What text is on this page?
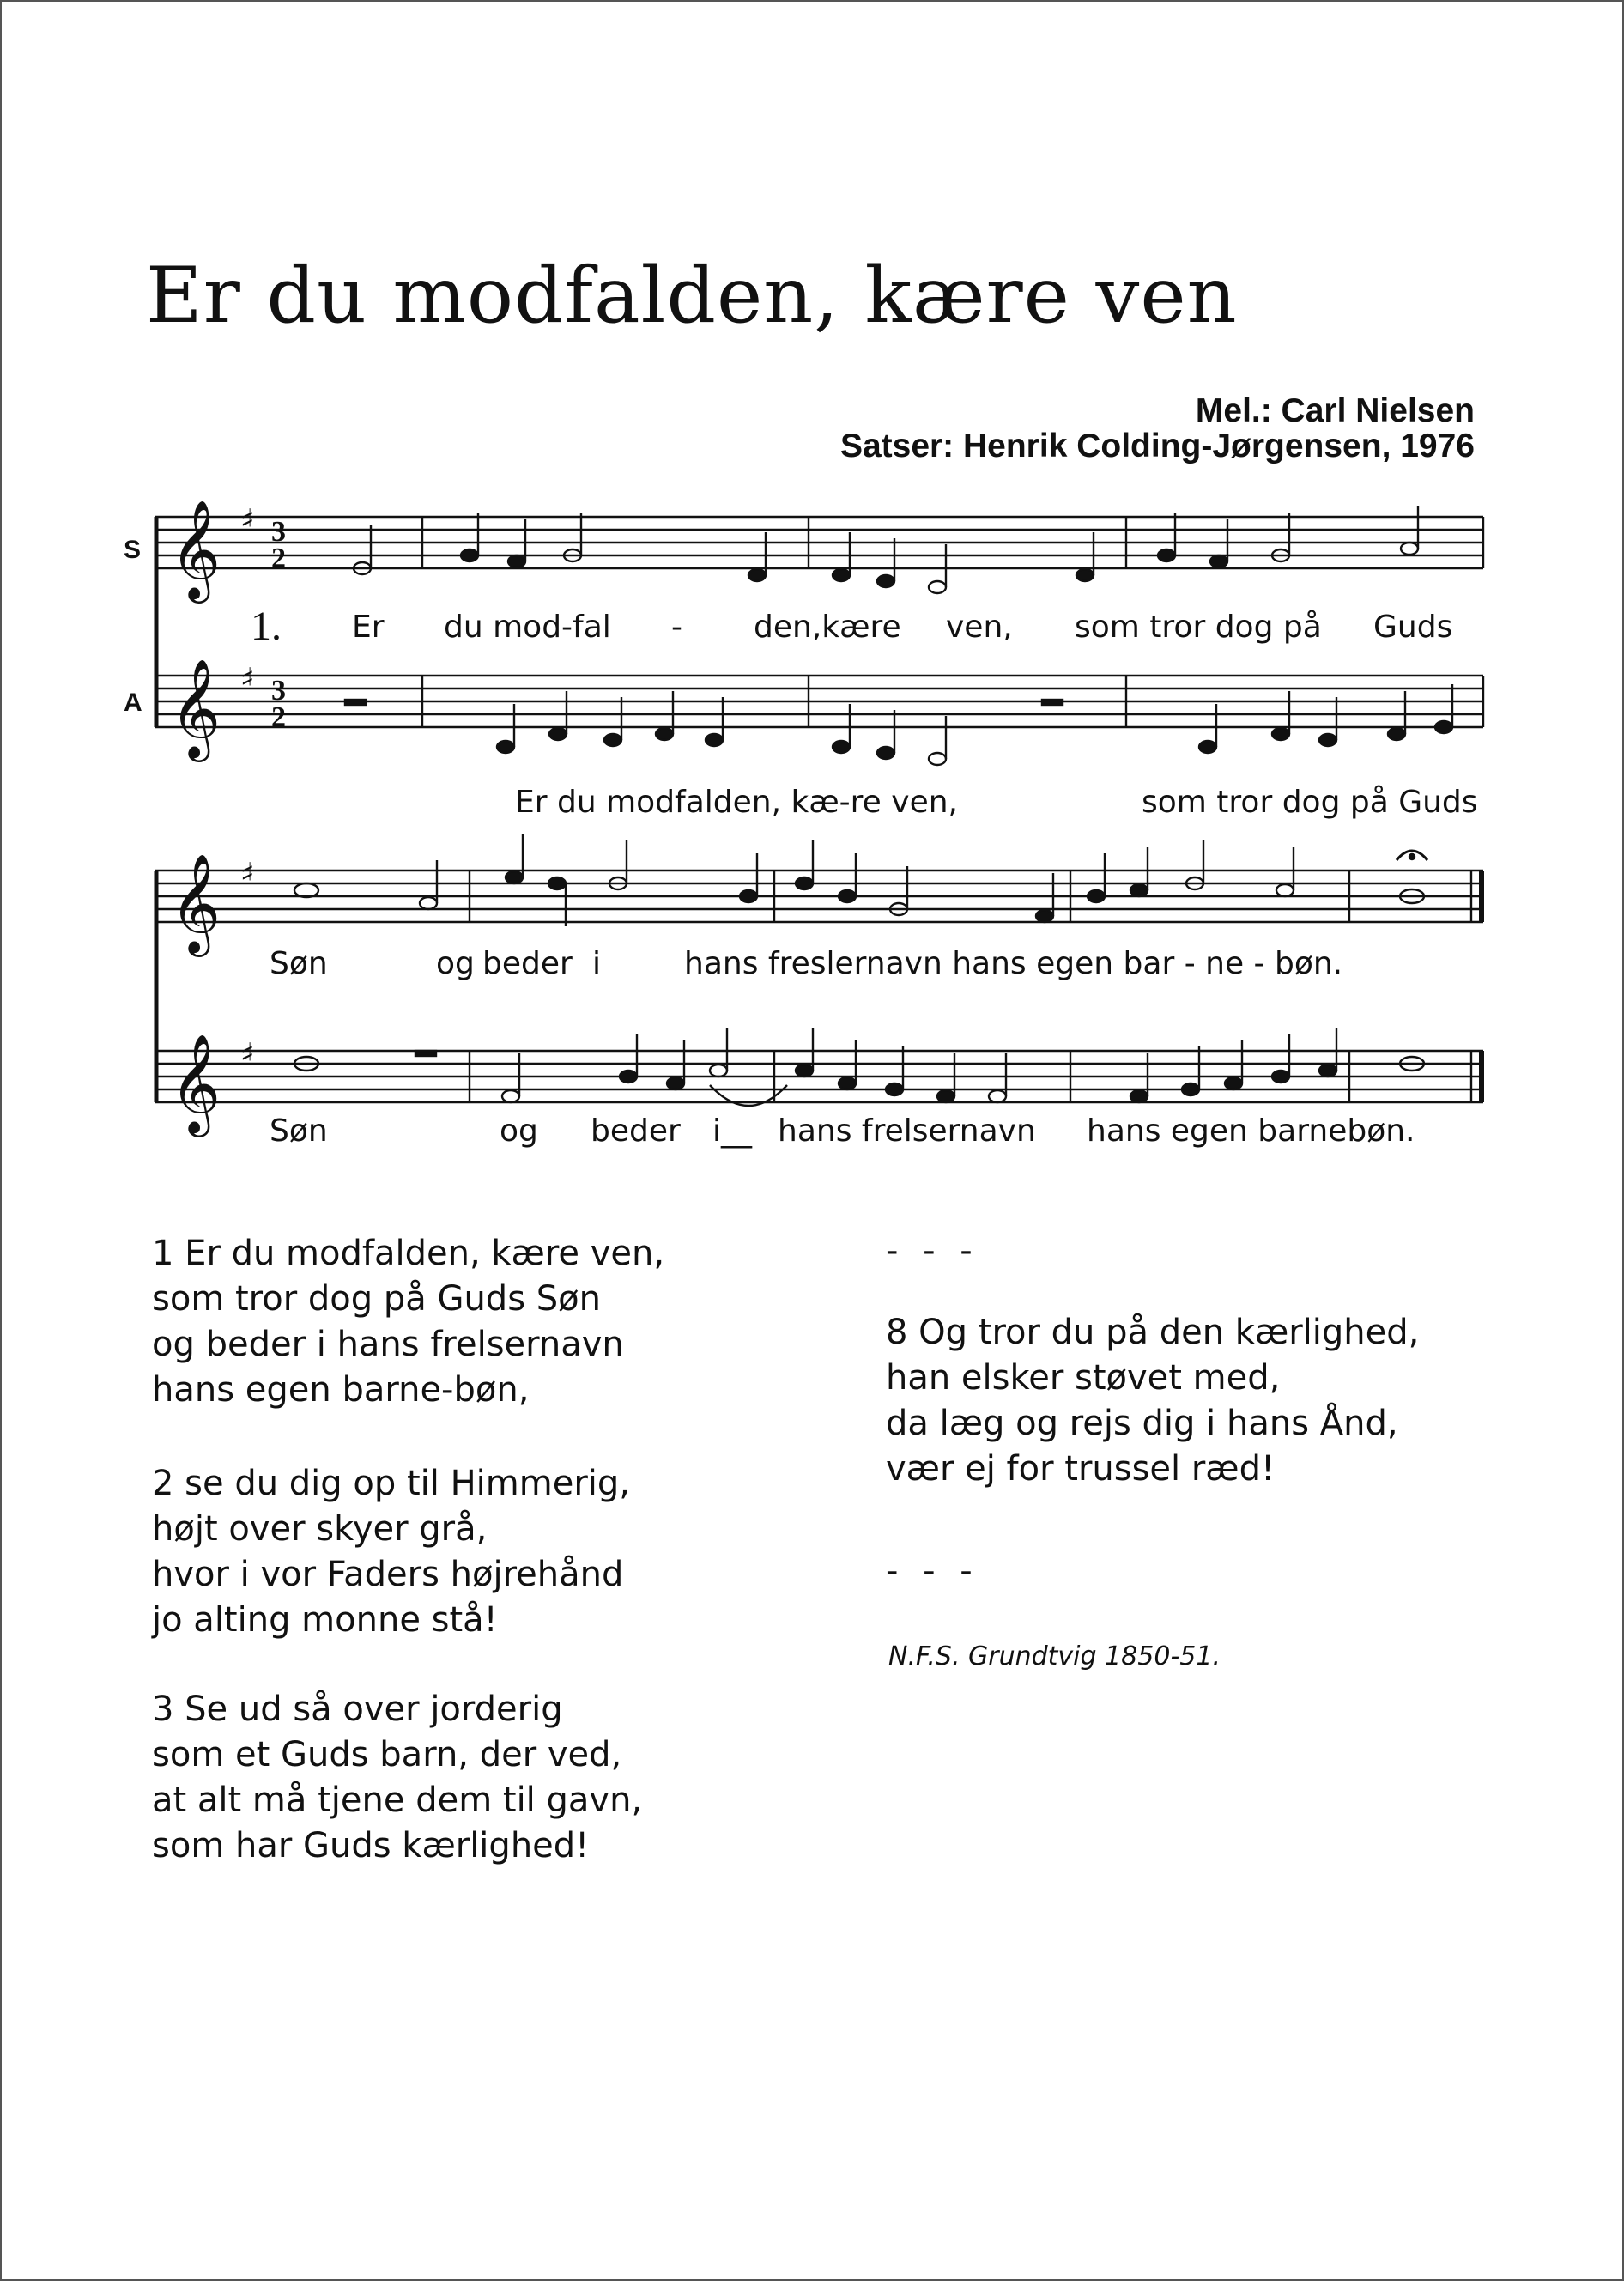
Er du modfalden, kære ven
Mel.: Carl Nielsen
Satser: Henrik Colding-Jørgensen, 1976
𝄞
𝄞
𝄞
𝄞
♯
♯
♯
♯
3
2
3
2
S
A
1. Er du mod-fal - den,kære ven, som tror dog på Guds
Er du modfalden, kæ-re ven,	som tror dog på Guds
Søn	og beder i	hans freslernavn hans egen bar - ne - bøn.
Søn	og beder i__ hans frelsernavn hans egen barnebøn.
1 Er du modfalden, kære ven,
som tror dog på Guds Søn
og beder i hans frelsernavn
hans egen barne-bøn,
2 se du dig op til Himmerig,
højt over skyer grå,
hvor i vor Faders højrehånd
jo alting monne stå!
3 Se ud så over jorderig
som et Guds barn, der ved,
at alt må tjene dem til gavn,
som har Guds kærlighed!
- - -
8 Og tror du på den kærlighed,
han elsker støvet med,
da læg og rejs dig i hans Ånd,
vær ej for trussel ræd!
- - -
N.F.S. Grundtvig 1850-51.
